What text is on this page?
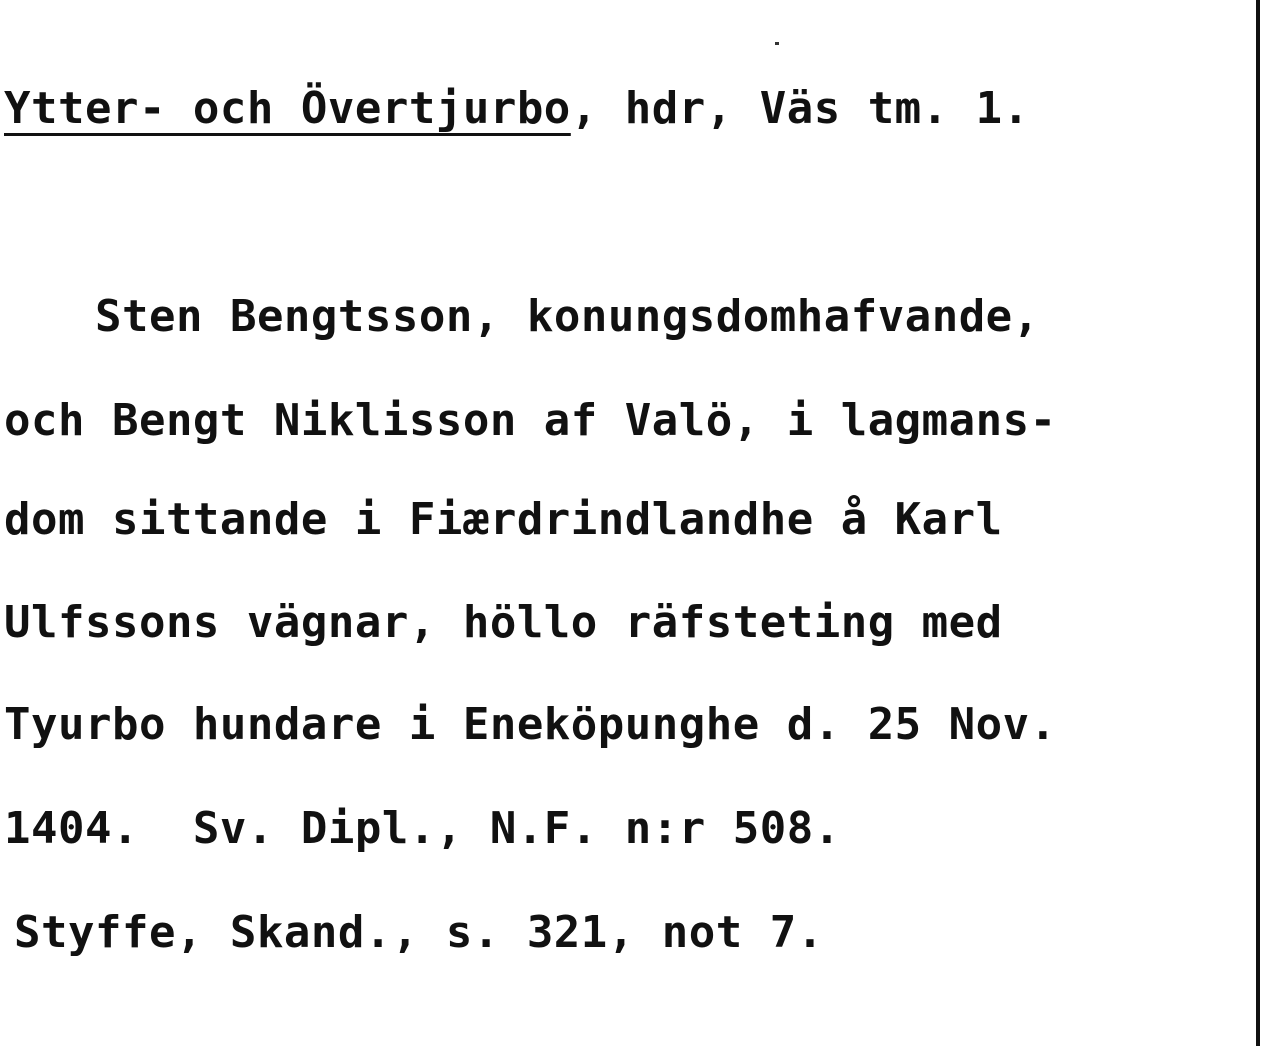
Ytter- och Övertjurbo, hdr, Väs tm. 1.
Sten Bengtsson, konungsdomhafvande,
och Bengt Niklisson af Valö, i lagmans-
dom sittande i Fiærdrindlandhe å Karl
Ulfssons vägnar, höllo räfsteting med
Tyurbo hundare i Eneköpunghe d. 25 Nov.
1404.  Sv. Dipl., N.F. n:r 508.
Styffe, Skand., s. 321, not 7.
